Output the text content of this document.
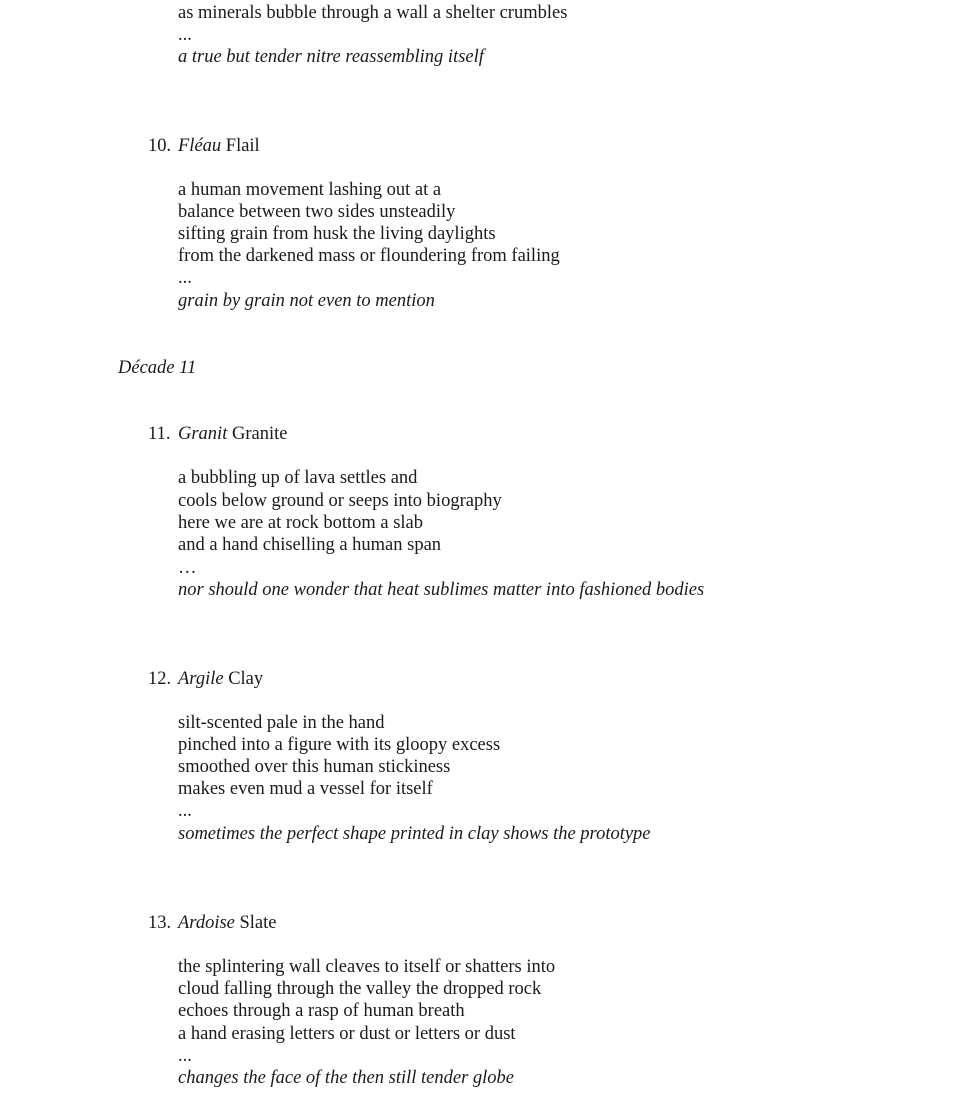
as minerals bubble through a wall a shelter crumbles
...
a true but tender nitre reassembling itself
10. Fléau Flail
a human movement lashing out at a
balance between two sides unsteadily
sifting grain from husk the living daylights
from the darkened mass or floundering from failing
...
grain by grain not even to mention
Décade 11
11. Granit Granite
a bubbling up of lava settles and
cools below ground or seeps into biography
here we are at rock bottom a slab
and a hand chiselling a human span
…
nor should one wonder that heat sublimes matter into fashioned bodies
12. Argile Clay
silt-scented pale in the hand
pinched into a figure with its gloopy excess
smoothed over this human stickiness
makes even mud a vessel for itself
...
sometimes the perfect shape printed in clay shows the prototype
13. Ardoise Slate
the splintering wall cleaves to itself or shatters into
cloud falling through the valley the dropped rock
echoes through a rasp of human breath
a hand erasing letters or dust or letters or dust
...
changes the face of the then still tender globe
